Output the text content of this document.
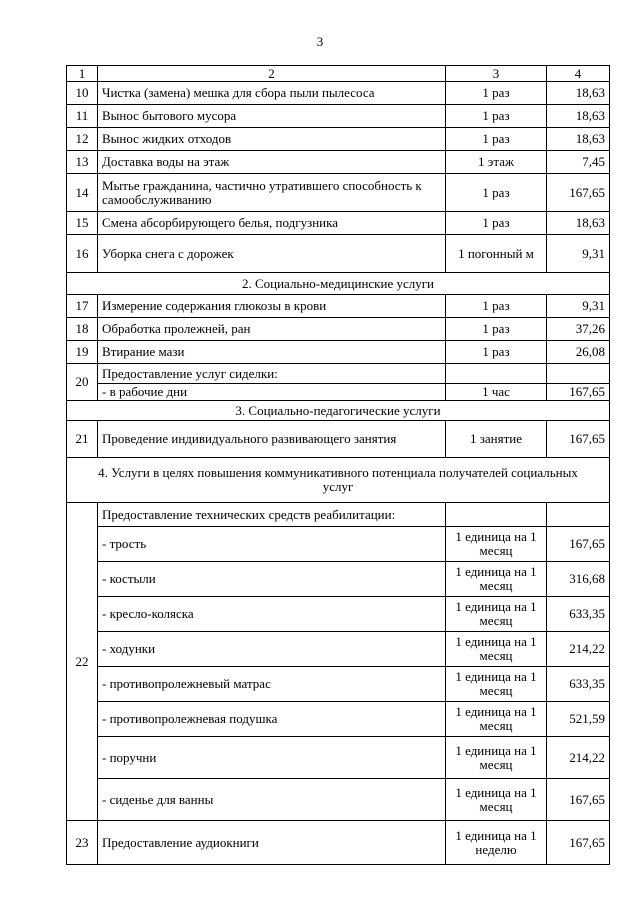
3
1	2	3	4
10	Чистка (замена) мешка для сбора пыли пылесоса	1 раз	18,63
11	Вынос бытового мусора	1 раз	18,63
12	Вынос жидких отходов	1 раз	18,63
13	Доставка воды на этаж	1 этаж	7,45
14	Мытье гражданина, частично утратившего способность к самообслуживанию	1 раз	167,65
15	Смена абсорбирующего белья, подгузника	1 раз	18,63
16	Уборка снега с дорожек	1 погонный м	9,31
2. Социально-медицинские услуги			
17	Измерение содержания глюкозы в крови	1 раз	9,31
18	Обработка пролежней, ран	1 раз	37,26
19	Втирание мази	1 раз	26,08
20	Предоставление услуг сиделки:		
	- в рабочие дни	1 час	167,65
3. Социально-педагогические услуги			
21	Проведение индивидуального развивающего занятия	1 занятие	167,65
4. Услуги в целях повышения коммуникативного потенциала получателей социальных услуг			
22	Предоставление технических средств реабилитации:		
	- трость	1 единица на 1 месяц	167,65
	- костыли	1 единица на 1 месяц	316,68
	- кресло-коляска	1 единица на 1 месяц	633,35
	- ходунки	1 единица на 1 месяц	214,22
	- противопролежневый матрас	1 единица на 1 месяц	633,35
	- противопролежневая подушка	1 единица на 1 месяц	521,59
	- поручни	1 единица на 1 месяц	214,22
	- сиденье для ванны	1 единица на 1 месяц	167,65
23	Предоставление аудиокниги	1 единица на 1 неделю	167,65
